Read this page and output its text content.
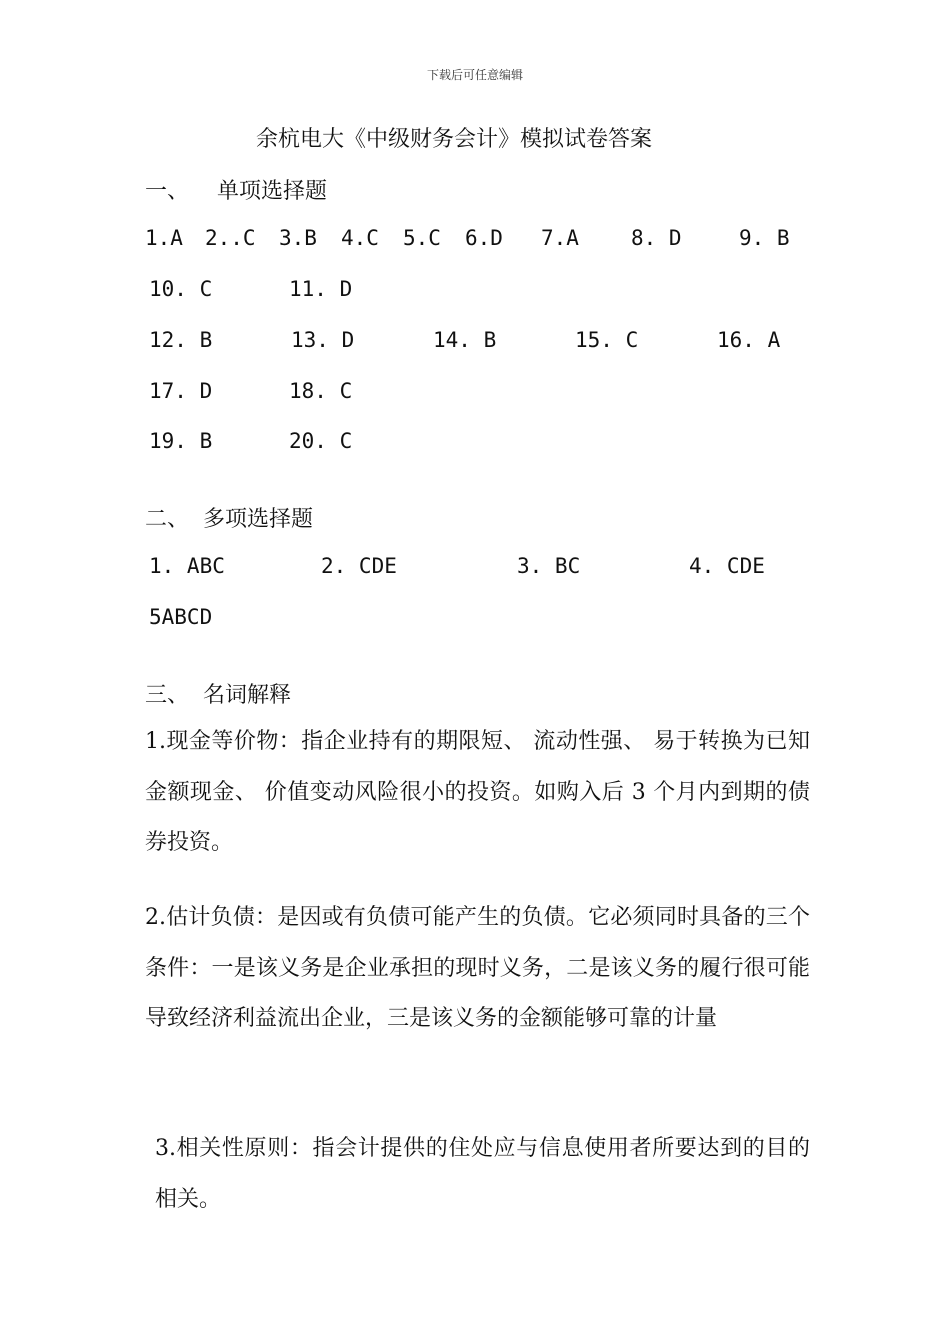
下载后可任意编辑
余杭电大《中级财务会计》模拟试卷答案
一、    单项选择题

1.A

2..C

3.B

4.C

5.C

6.D

7.A

8. D

	9. B

10. C

	11. D

12. B

	13. D

	14. B

	15. C

	16. A

17. D

	18. C

19. B

	20. C

二、  多项选择题

1. ABC

	2. CDE

	3. BC

	4. CDE

5ABCD

三、  名词解释

1.现金等价物：指企业持有的期限短、 流动性强、 易于转换为已知金额现金、 价值变动风险很小的投资。如购入后 3 个月内到期的债券投资。

2.估计负债：是因或有负债可能产生的负债。它必须同时具备的三个条件：一是该义务是企业承担的现时义务，二是该义务的履行很可能导致经济利益流出企业，三是该义务的金额能够可靠的计量

3.相关性原则：指会计提供的住处应与信息使用者所要达到的目的相关。
